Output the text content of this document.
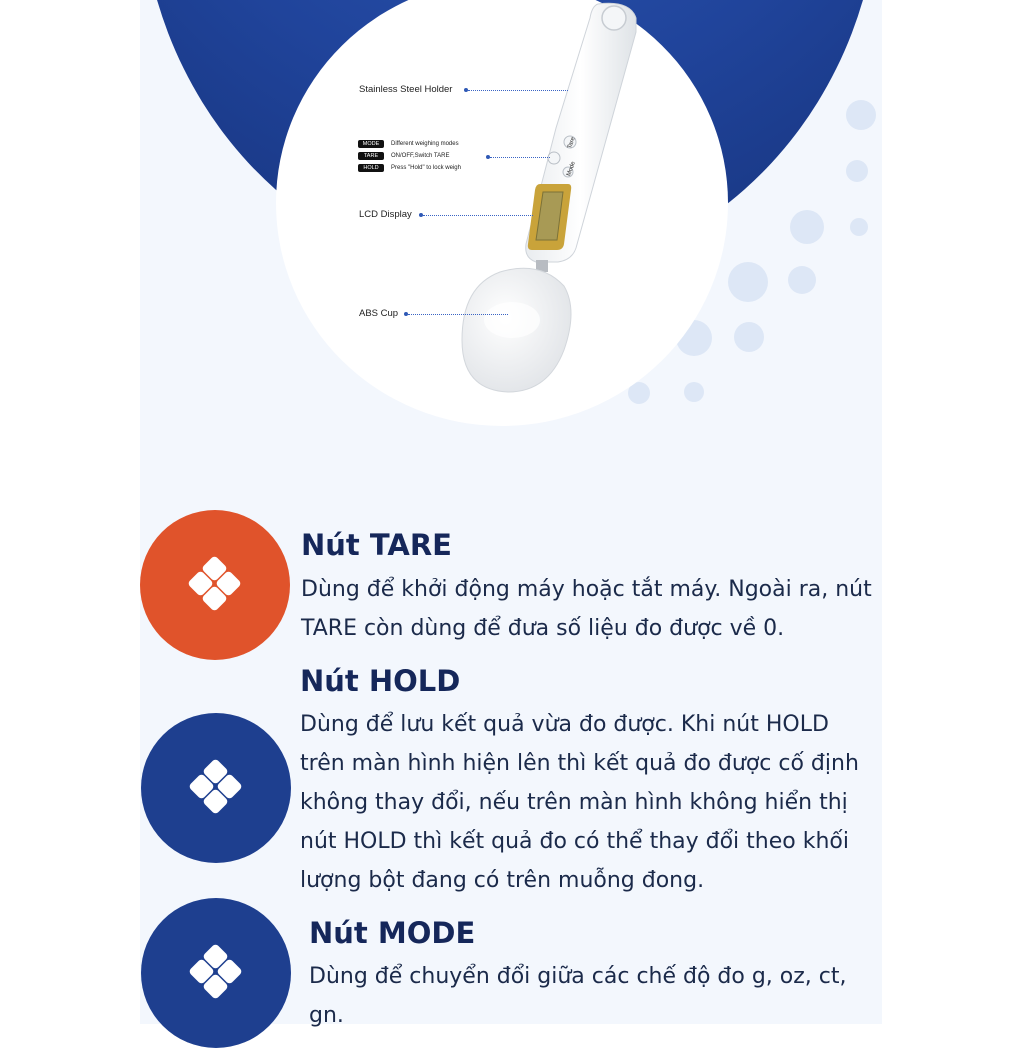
Stainless Steel Holder
MODE	Different weighing modes
TARE	ON/OFF,Switch TARE
HOLD	Press "Hold" to lock weigh
LCD Display
ABS Cup
Tare
Mode
Nút TARE
Dùng để khởi động máy hoặc tắt máy. Ngoài ra, nút TARE còn dùng để đưa số liệu đo được về 0.
Nút HOLD
Dùng để lưu kết quả vừa đo được. Khi nút HOLD trên màn hình hiện lên thì kết quả đo được cố định không thay đổi, nếu trên màn hình không hiển thị nút HOLD thì kết quả đo có thể thay đổi theo khối lượng bột đang có trên muỗng đong.
Nút MODE
Dùng để chuyển đổi giữa các chế độ đo g, oz, ct, gn.
